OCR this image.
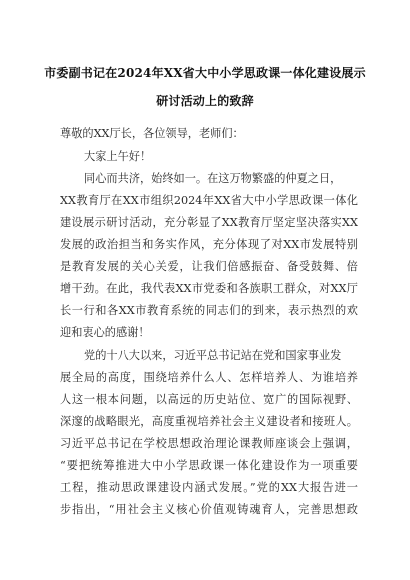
市委副书记在2024年XX省大中小学思政课一体化建设展示
研讨活动上的致辞
尊敬的XX厅长，各位领导，老师们：
大家上午好！
同心而共济，始终如一。在这万物繁盛的仲夏之日，
XX教育厅在XX市组织2024年XX省大中小学思政课一体化
建设展示研讨活动，充分彰显了XX教育厅坚定坚决落实XX
发展的政治担当和务实作风，充分体现了对XX市发展特别
是教育发展的关心关爱，让我们倍感振奋、备受鼓舞、倍
增干劲。在此，我代表XX市党委和各族职工群众，对XX厅
长一行和各XX市教育系统的同志们的到来，表示热烈的欢
迎和衷心的感谢！
党的十八大以来，习近平总书记站在党和国家事业发
展全局的高度，围绕培养什么人、怎样培养人、为谁培养
人这一根本问题，以高远的历史站位、宽广的国际视野、
深邃的战略眼光，高度重视培养社会主义建设者和接班人。
习近平总书记在学校思想政治理论课教师座谈会上强调，
“要把统筹推进大中小学思政课一体化建设作为一项重要
工程，推动思政课建设内涵式发展。”党的XX大报告进一
步指出，“用社会主义核心价值观铸魂育人，完善思想政
